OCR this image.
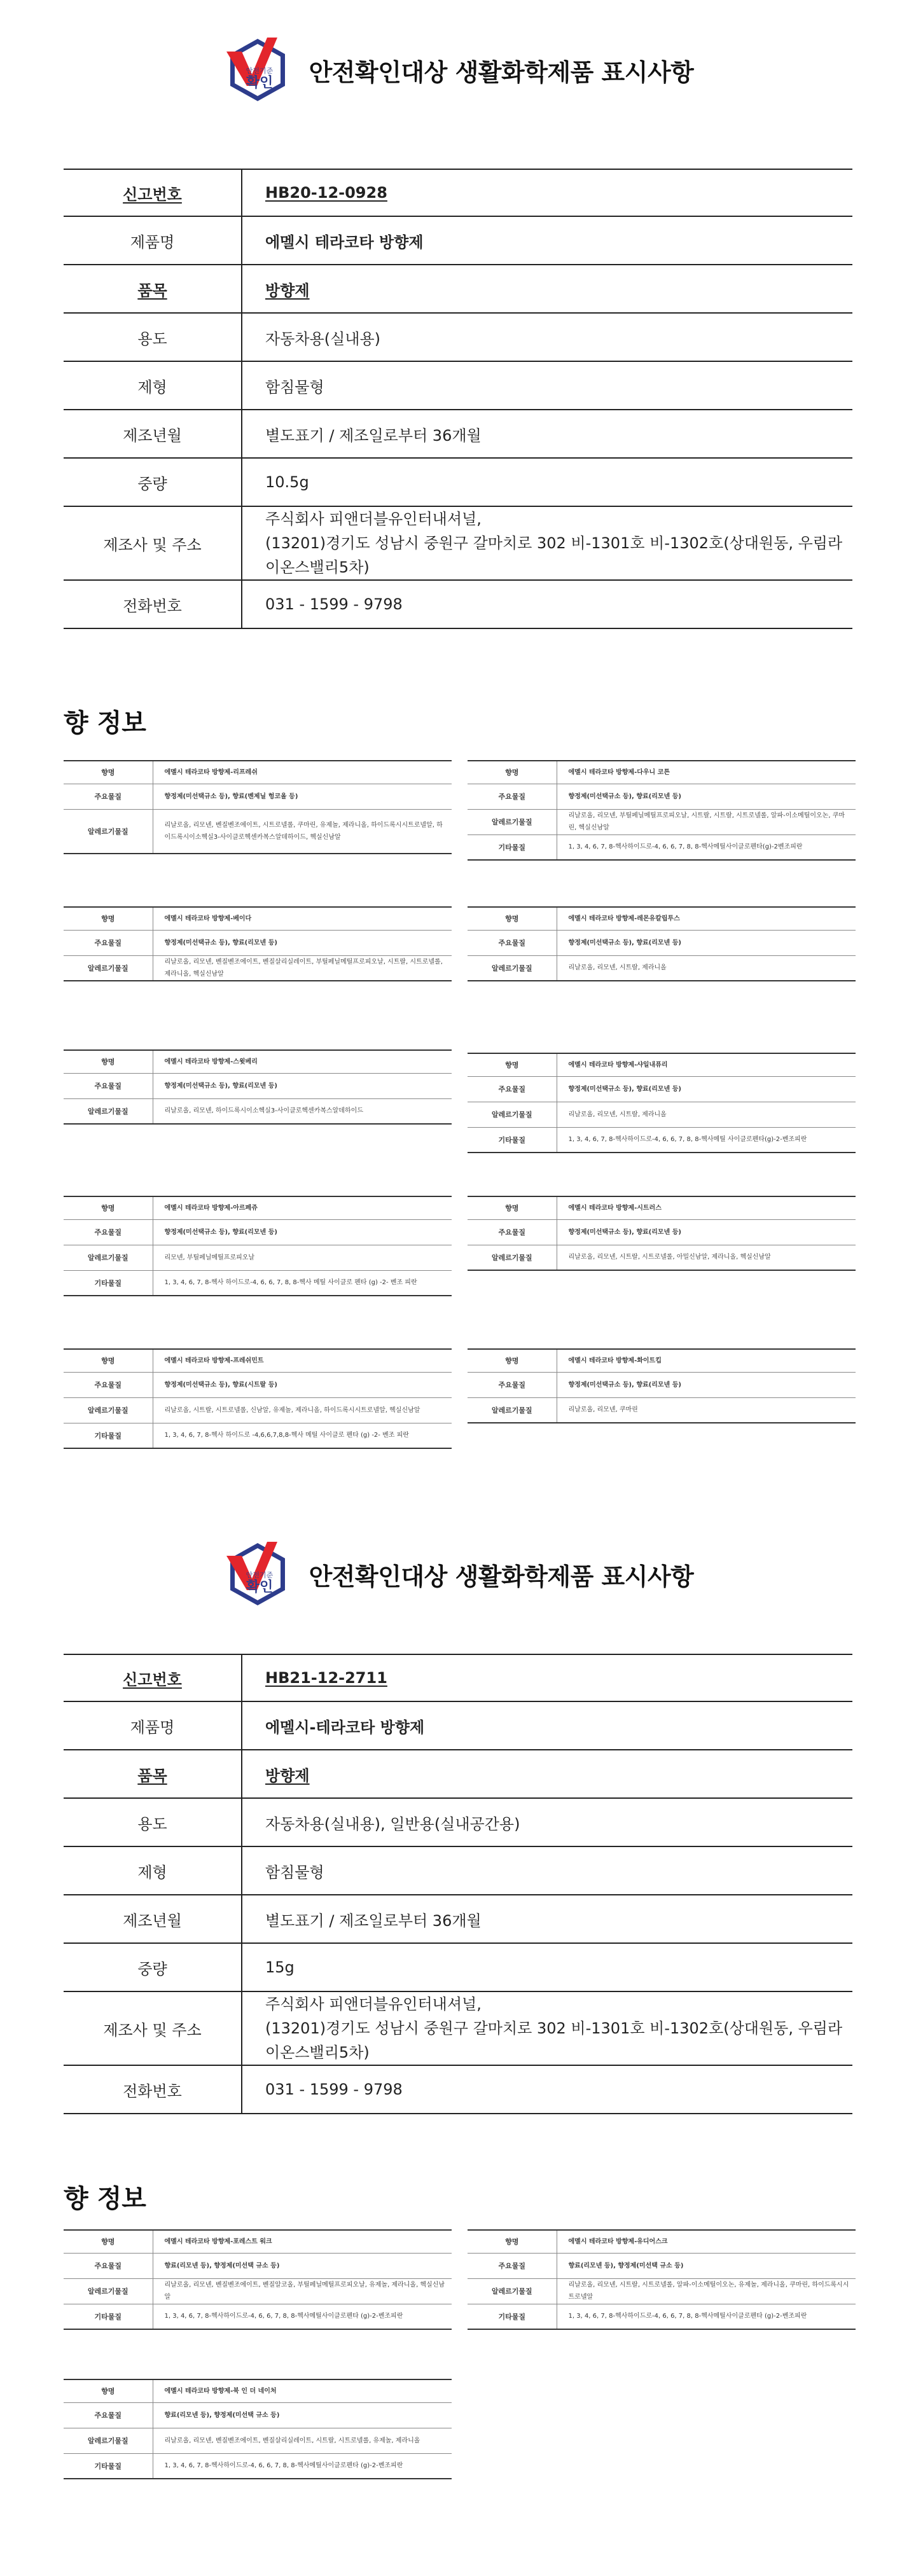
안전기준
확인 안전확인대상 생활화학제품 표시사항
신고번호	HB20-12-0928
제품명	에멜시 테라코타 방향제
품목	방향제
용도	자동차용(실내용)
제형	함침물형
제조년월	별도표기 / 제조일로부터 36개월
중량	10.5g
제조사 및 주소	주식회사 피앤더블유인터내셔널,
(13201)경기도 성남시 중원구 갈마치로 302 비-1301호 비-1302호(상대원동, 우림라이온스밸리5차)

전화번호	031 - 1599 - 9798
향 정보
향명	에멜시 테라코타 방향제-리프레쉬
주요물질	향정제(미선택규소 등), 향료(벤제닐 헝코올 등)
알레르기물질	리날로올, 리모넨, 벤질벤조에이트, 시트로넬롤, 쿠마린, 유제놀, 제라니올, 하이드록시시트로넬알, 하이드록시이소헥실3-사이클로헥센카복스알데하이드, 헥실신남알
향명	에멜시 테라코타 방향제-다우니 코튼
주요물질	향정제(미선택규소 등), 향료(리모넨 등)
알레르기물질	리날로올, 리모넨, 부틸페닐메틸프로피오날, 시트랄, 시트랄, 시트로넬롤, 알파-이소메틸이오논, 쿠마린, 헥실신남알
기타물질	1, 3, 4, 6, 7, 8-헥사하이드로-4, 6, 6, 7, 8, 8-헥사메틸사이클로펜타(g)-2벤조피란
향명	에멜시 테라코타 방향제-베이다
주요물질	향정제(미선택규소 등), 향료(리모넨 등)
알레르기물질	리날로올, 리모넨, 벤질벤조에이트, 벤질살리실레이트, 부틸페닐메틸프로피오날, 시트랄, 시트로넬롤, 제라니올, 헥실신남알
향명	에멜시 테라코타 방향제-레몬유칼립투스
주요물질	향정제(미선택규소 등), 향료(리모넨 등)
알레르기물질	리날로올, 리모넨, 시트랄, 제라니올
향명	에멜시 테라코타 방향제-스윗베리
주요물질	향정제(미선택규소 등), 향료(리모넨 등)
알레르기물질	리날로올, 리모넨, 하이드록시이소헥실3-사이클로헥센카복스알데하이드
향명	에멜시 테라코타 방향제-샤일내퓨리
주요물질	향정제(미선택규소 등), 향료(리모넨 등)
알레르기물질	리날로올, 리모넨, 시트랄, 제라니올
기타물질	1, 3, 4, 6, 7, 8-헥사하이드로-4, 6, 6, 7, 8, 8-헥사메틸 사이클로펜타(g)-2-벤조피란
향명	에멜시 테라코타 방향제-아르페쥬
주요물질	향정제(미선택규소 등), 향료(리모넨 등)
알레르기물질	리모넨, 부틸페닐메틸프로피오날
기타물질	1, 3, 4, 6, 7, 8-헥사 하이드로-4, 6, 6, 7, 8, 8-헥사 메틸 사이클로 펜타 (g) -2- 벤조 피란
향명	에멜시 테라코타 방향제-시트러스
주요물질	향정제(미선택규소 등), 향료(리모넨 등)
알레르기물질	리날로올, 리모넨, 시트랄, 시트로넬롤, 아밀신남알, 제라니올, 헥실신남알
향명	에멜시 테라코타 방향제-프레쉬민트
주요물질	향정제(미선택규소 등), 향료(시트랄 등)
알레르기물질	리날로올, 시트랄, 시트로넬롤, 신남알, 유제놀, 제라니올, 하이드록시시트로넬알, 헥실신남알
기타물질	1, 3, 4, 6, 7, 8-헥사 하이드로 -4,6,6,7,8,8-헥사 메틸 사이클로 펜타 (g) -2- 벤조 피란
향명	에멜시 테라코타 방향제-화이트킵
주요물질	향정제(미선택규소 등), 향료(리모넨 등)
알레르기물질	리날로올, 리모넨, 쿠마린
안전기준
확인 안전확인대상 생활화학제품 표시사항
신고번호	HB21-12-2711
제품명	에멜시-테라코타 방향제
품목	방향제
용도	자동차용(실내용), 일반용(실내공간용)
제형	함침물형
제조년월	별도표기 / 제조일로부터 36개월
중량	15g
제조사 및 주소	주식회사 피앤더블유인터내셔널,
(13201)경기도 성남시 중원구 갈마치로 302 비-1301호 비-1302호(상대원동, 우림라이온스밸리5차)

전화번호	031 - 1599 - 9798
향 정보
향명	에멜시 테라코타 방향제-포레스트 워크
주요물질	향료(리모넨 등), 향정제(미선택 규소 등)
알레르기물질	리날로올, 리모넨, 벤질벤조에이트, 벤질알코올, 부틸페닐메틸프로피오날, 유제놀, 제라니올, 헥실신남알
기타물질	1, 3, 4, 6, 7, 8-헥사하이드로-4, 6, 6, 7, 8, 8-헥사메틸사이클로펜타 (g)-2-벤조피란
향명	에멜시 테라코타 방향제-유디어스크
주요물질	향료(리모넨 등), 향정제(미선택 규소 등)
알레르기물질	리날로올, 리모넨, 시트랄, 시트로넬롤, 알파-이소메틸이오논, 유제놀, 제라니올, 쿠마린, 하이드록시시트로넬알
기타물질	1, 3, 4, 6, 7, 8-헥사하이드로-4, 6, 6, 7, 8, 8-헥사메틸사이클로펜타 (g)-2-벤조피란
향명	에멜시 테라코타 방향제-북 인 더 네이처
주요물질	향료(리모넨 등), 향정제(미선택 규소 등)
알레르기물질	리날로올, 리모넨, 벤질벤조에이트, 벤질살리실레이트, 시트랄, 시트로넬롤, 유제놀, 제라니올
기타물질	1, 3, 4, 6, 7, 8-헥사하이드로-4, 6, 6, 7, 8, 8-헥사메틸사이클로펜타 (g)-2-벤조피란
